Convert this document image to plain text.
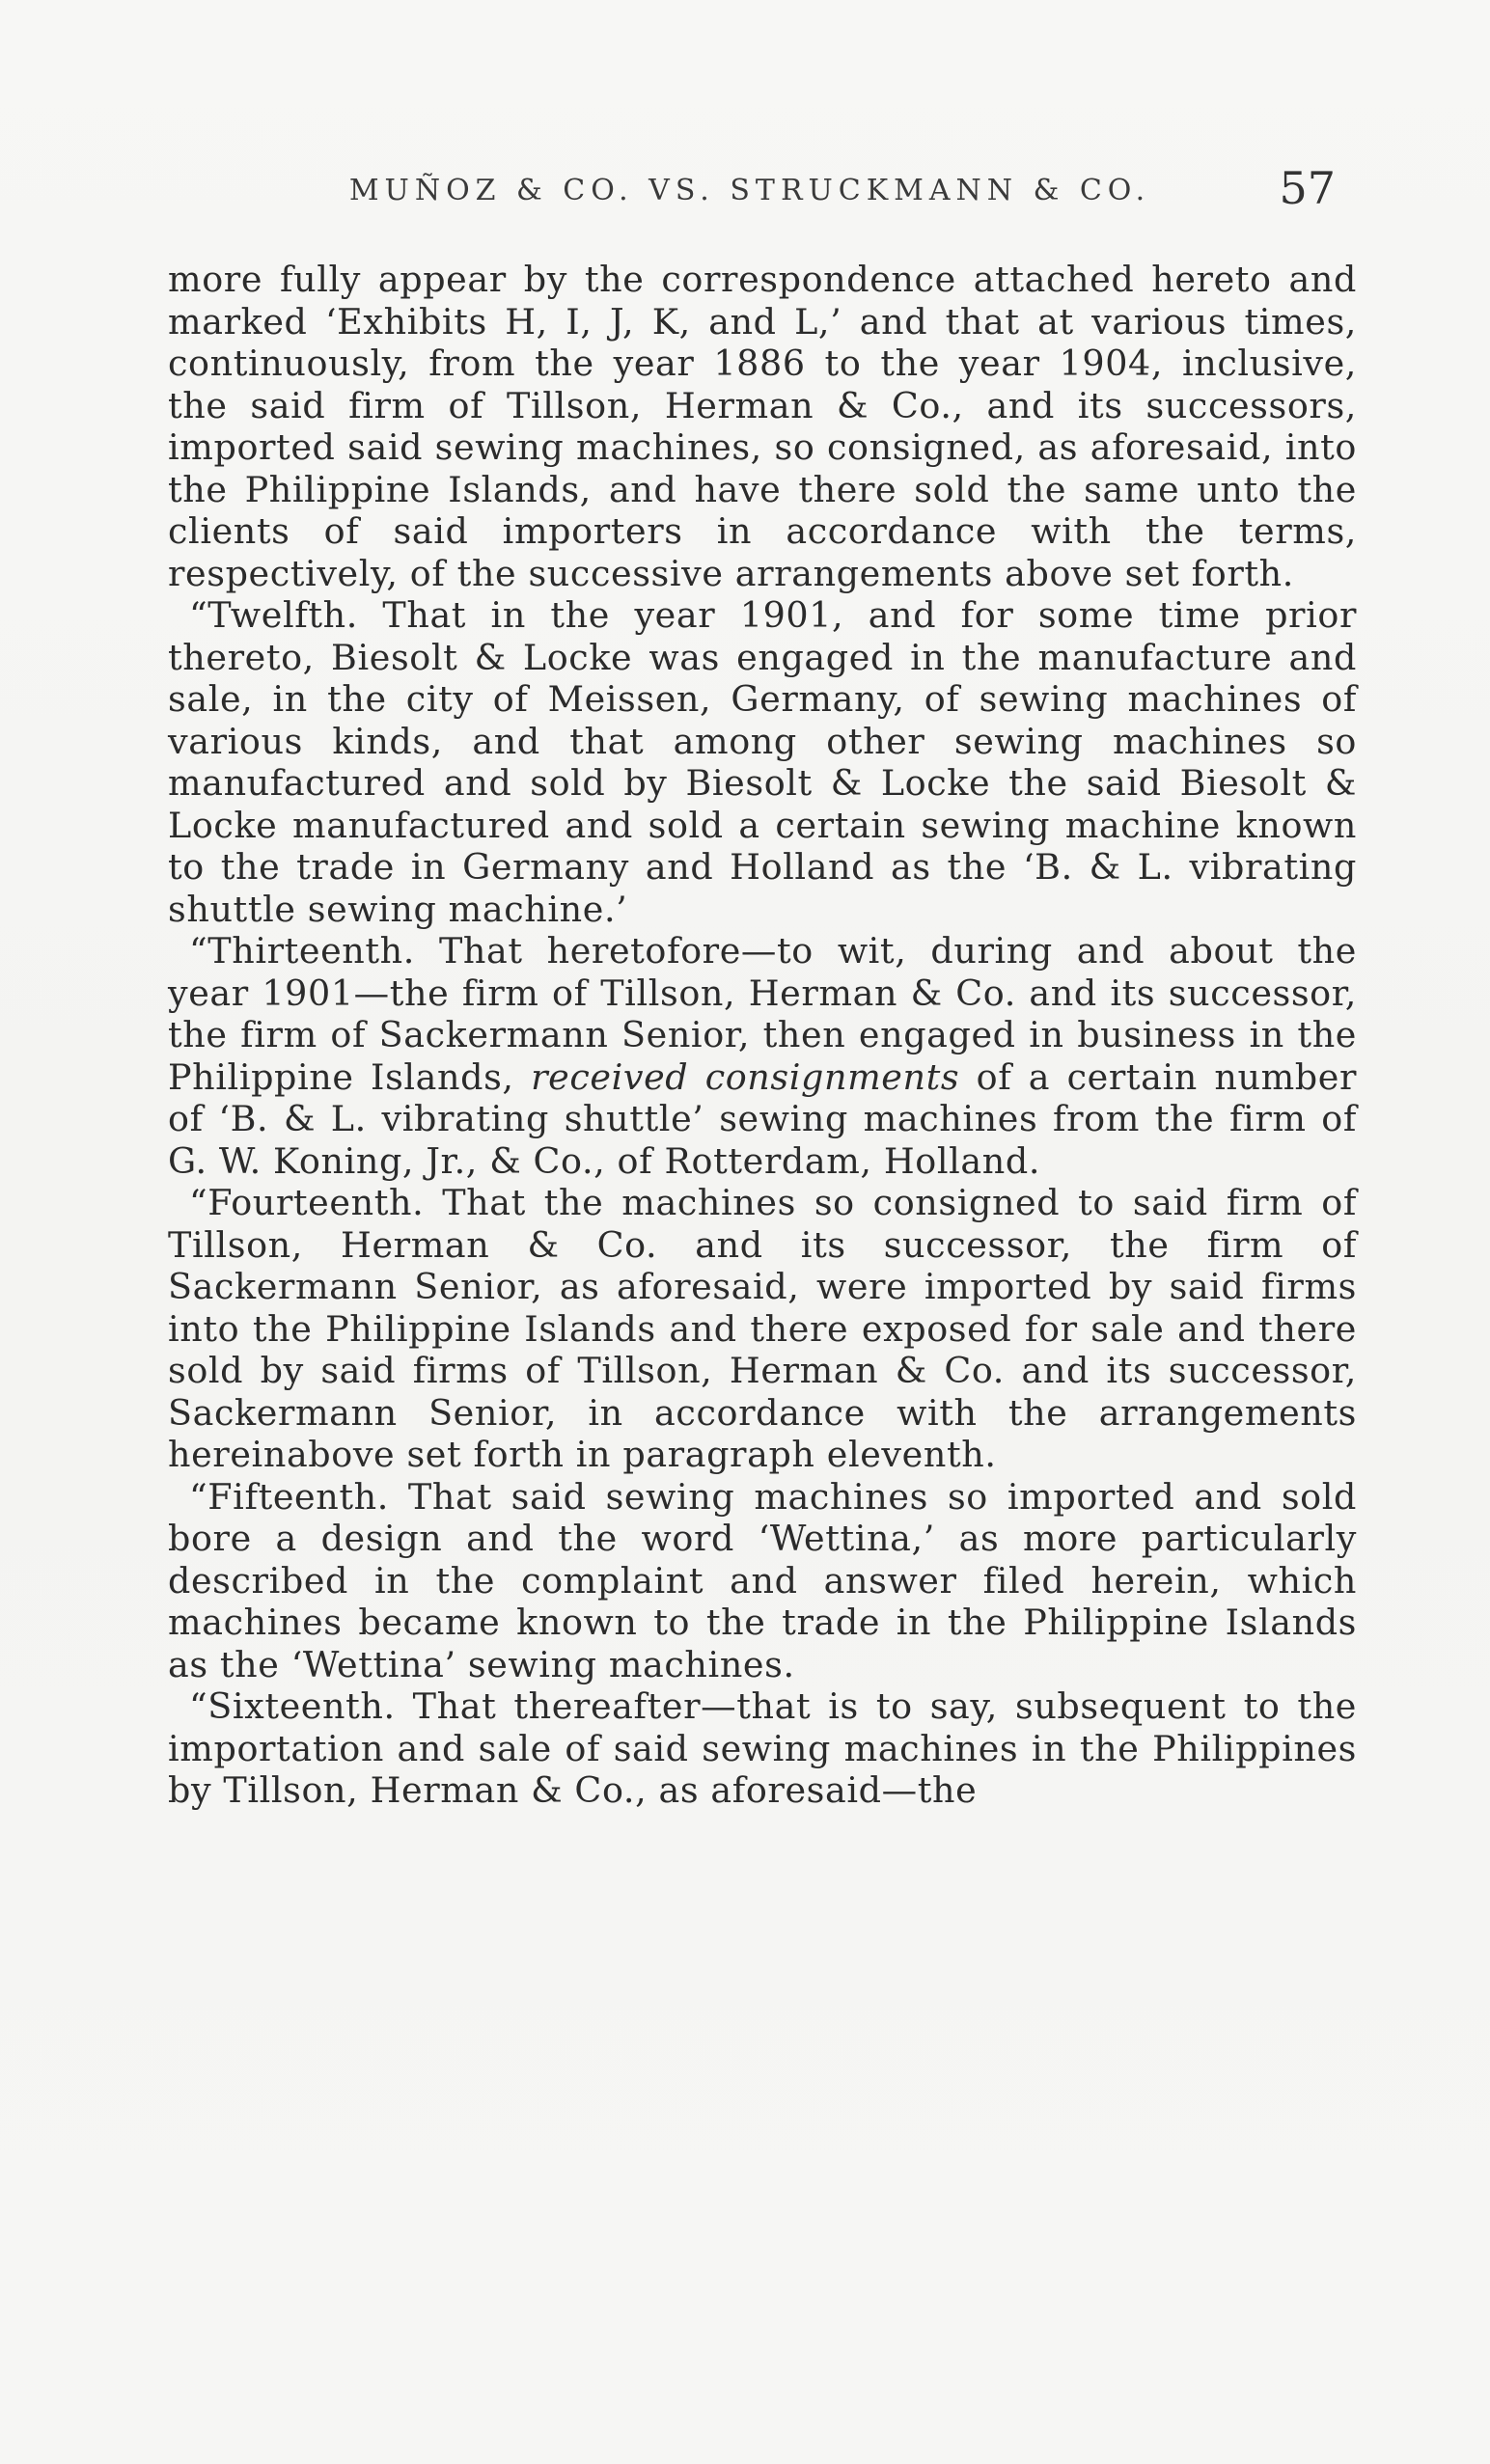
MUÑOZ & CO. VS. STRUCKMANN & CO.	57

more fully appear by the correspondence attached hereto and marked ‘Exhibits H, I, J, K, and L,’ and that at various times, continuously, from the year 1886 to the year 1904, inclusive, the said firm of Tillson, Herman & Co., and its successors, imported said sewing machines, so consigned, as aforesaid, into the Philippine Islands, and have there sold the same unto the clients of said importers in accordance with the terms, respectively, of the successive arrangements above set forth.

“Twelfth. That in the year 1901, and for some time prior thereto, Biesolt & Locke was engaged in the manufacture and sale, in the city of Meissen, Germany, of sewing machines of various kinds, and that among other sewing machines so manufactured and sold by Biesolt & Locke the said Biesolt & Locke manufactured and sold a certain sewing machine known to the trade in Germany and Holland as the ‘B. & L. vibrating shuttle sewing machine.’

“Thirteenth. That heretofore—to wit, during and about the year 1901—the firm of Tillson, Herman & Co. and its successor, the firm of Sackermann Senior, then engaged in business in the Philippine Islands, received consignments of a certain number of ‘B. & L. vibrating shuttle’ sewing machines from the firm of G. W. Koning, Jr., & Co., of Rotterdam, Holland.

“Fourteenth. That the machines so consigned to said firm of Tillson, Herman & Co. and its successor, the firm of Sackermann Senior, as aforesaid, were imported by said firms into the Philippine Islands and there exposed for sale and there sold by said firms of Tillson, Herman & Co. and its successor, Sackermann Senior, in accordance with the arrangements hereinabove set forth in paragraph eleventh.

“Fifteenth. That said sewing machines so imported and sold bore a design and the word ‘Wettina,’ as more particularly described in the complaint and answer filed herein, which machines became known to the trade in the Philippine Islands as the ‘Wettina’ sewing machines.

“Sixteenth. That thereafter—that is to say, subsequent to the importation and sale of said sewing machines in the Philippines by Tillson, Herman & Co., as aforesaid—the
